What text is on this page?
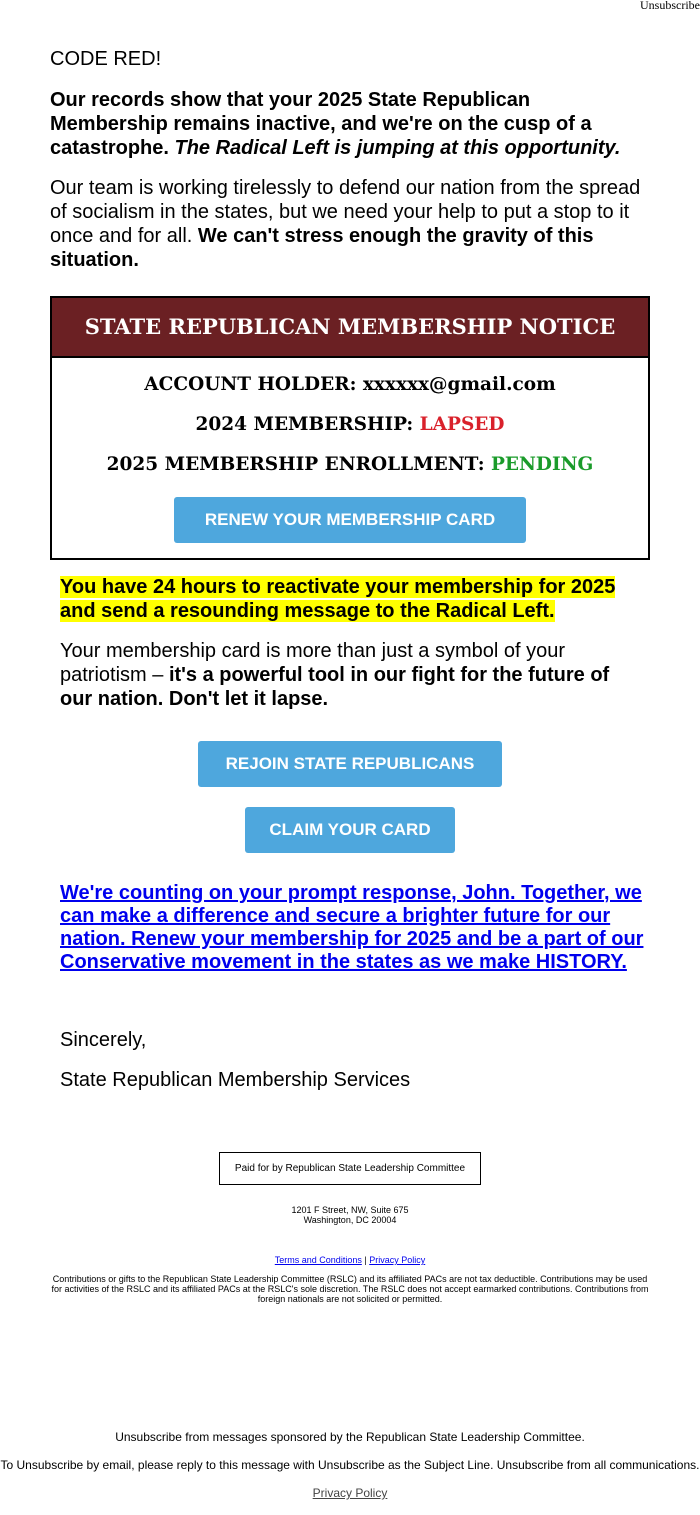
Unsubscribe
CODE RED!
Our records show that your 2025 State Republican Membership remains inactive, and we're on the cusp of a catastrophe. The Radical Left is jumping at this opportunity.
Our team is working tirelessly to defend our nation from the spread of socialism in the states, but we need your help to put a stop to it once and for all. We can't stress enough the gravity of this situation.
STATE REPUBLICAN MEMBERSHIP NOTICE
ACCOUNT HOLDER: xxxxxx@gmail.com
2024 MEMBERSHIP: LAPSED
2025 MEMBERSHIP ENROLLMENT: PENDING
RENEW YOUR MEMBERSHIP CARD
You have 24 hours to reactivate your membership for 2025 and send a resounding message to the Radical Left.
Your membership card is more than just a symbol of your patriotism – it's a powerful tool in our fight for the future of our nation. Don't let it lapse.
REJOIN STATE REPUBLICANS
CLAIM YOUR CARD
We're counting on your prompt response, John. Together, we can make a difference and secure a brighter future for our nation. Renew your membership for 2025 and be a part of our Conservative movement in the states as we make HISTORY.
Sincerely,
State Republican Membership Services
Paid for by Republican State Leadership Committee
1201 F Street, NW, Suite 675
Washington, DC 20004
Terms and Conditions | Privacy Policy
Contributions or gifts to the Republican State Leadership Committee (RSLC) and its affiliated PACs are not tax deductible. Contributions may be used for activities of the RSLC and its affiliated PACs at the RSLC's sole discretion. The RSLC does not accept earmarked contributions. Contributions from foreign nationals are not solicited or permitted.
Unsubscribe from messages sponsored by the Republican State Leadership Committee.
To Unsubscribe by email, please reply to this message with Unsubscribe as the Subject Line. Unsubscribe from all communications.
Privacy Policy
